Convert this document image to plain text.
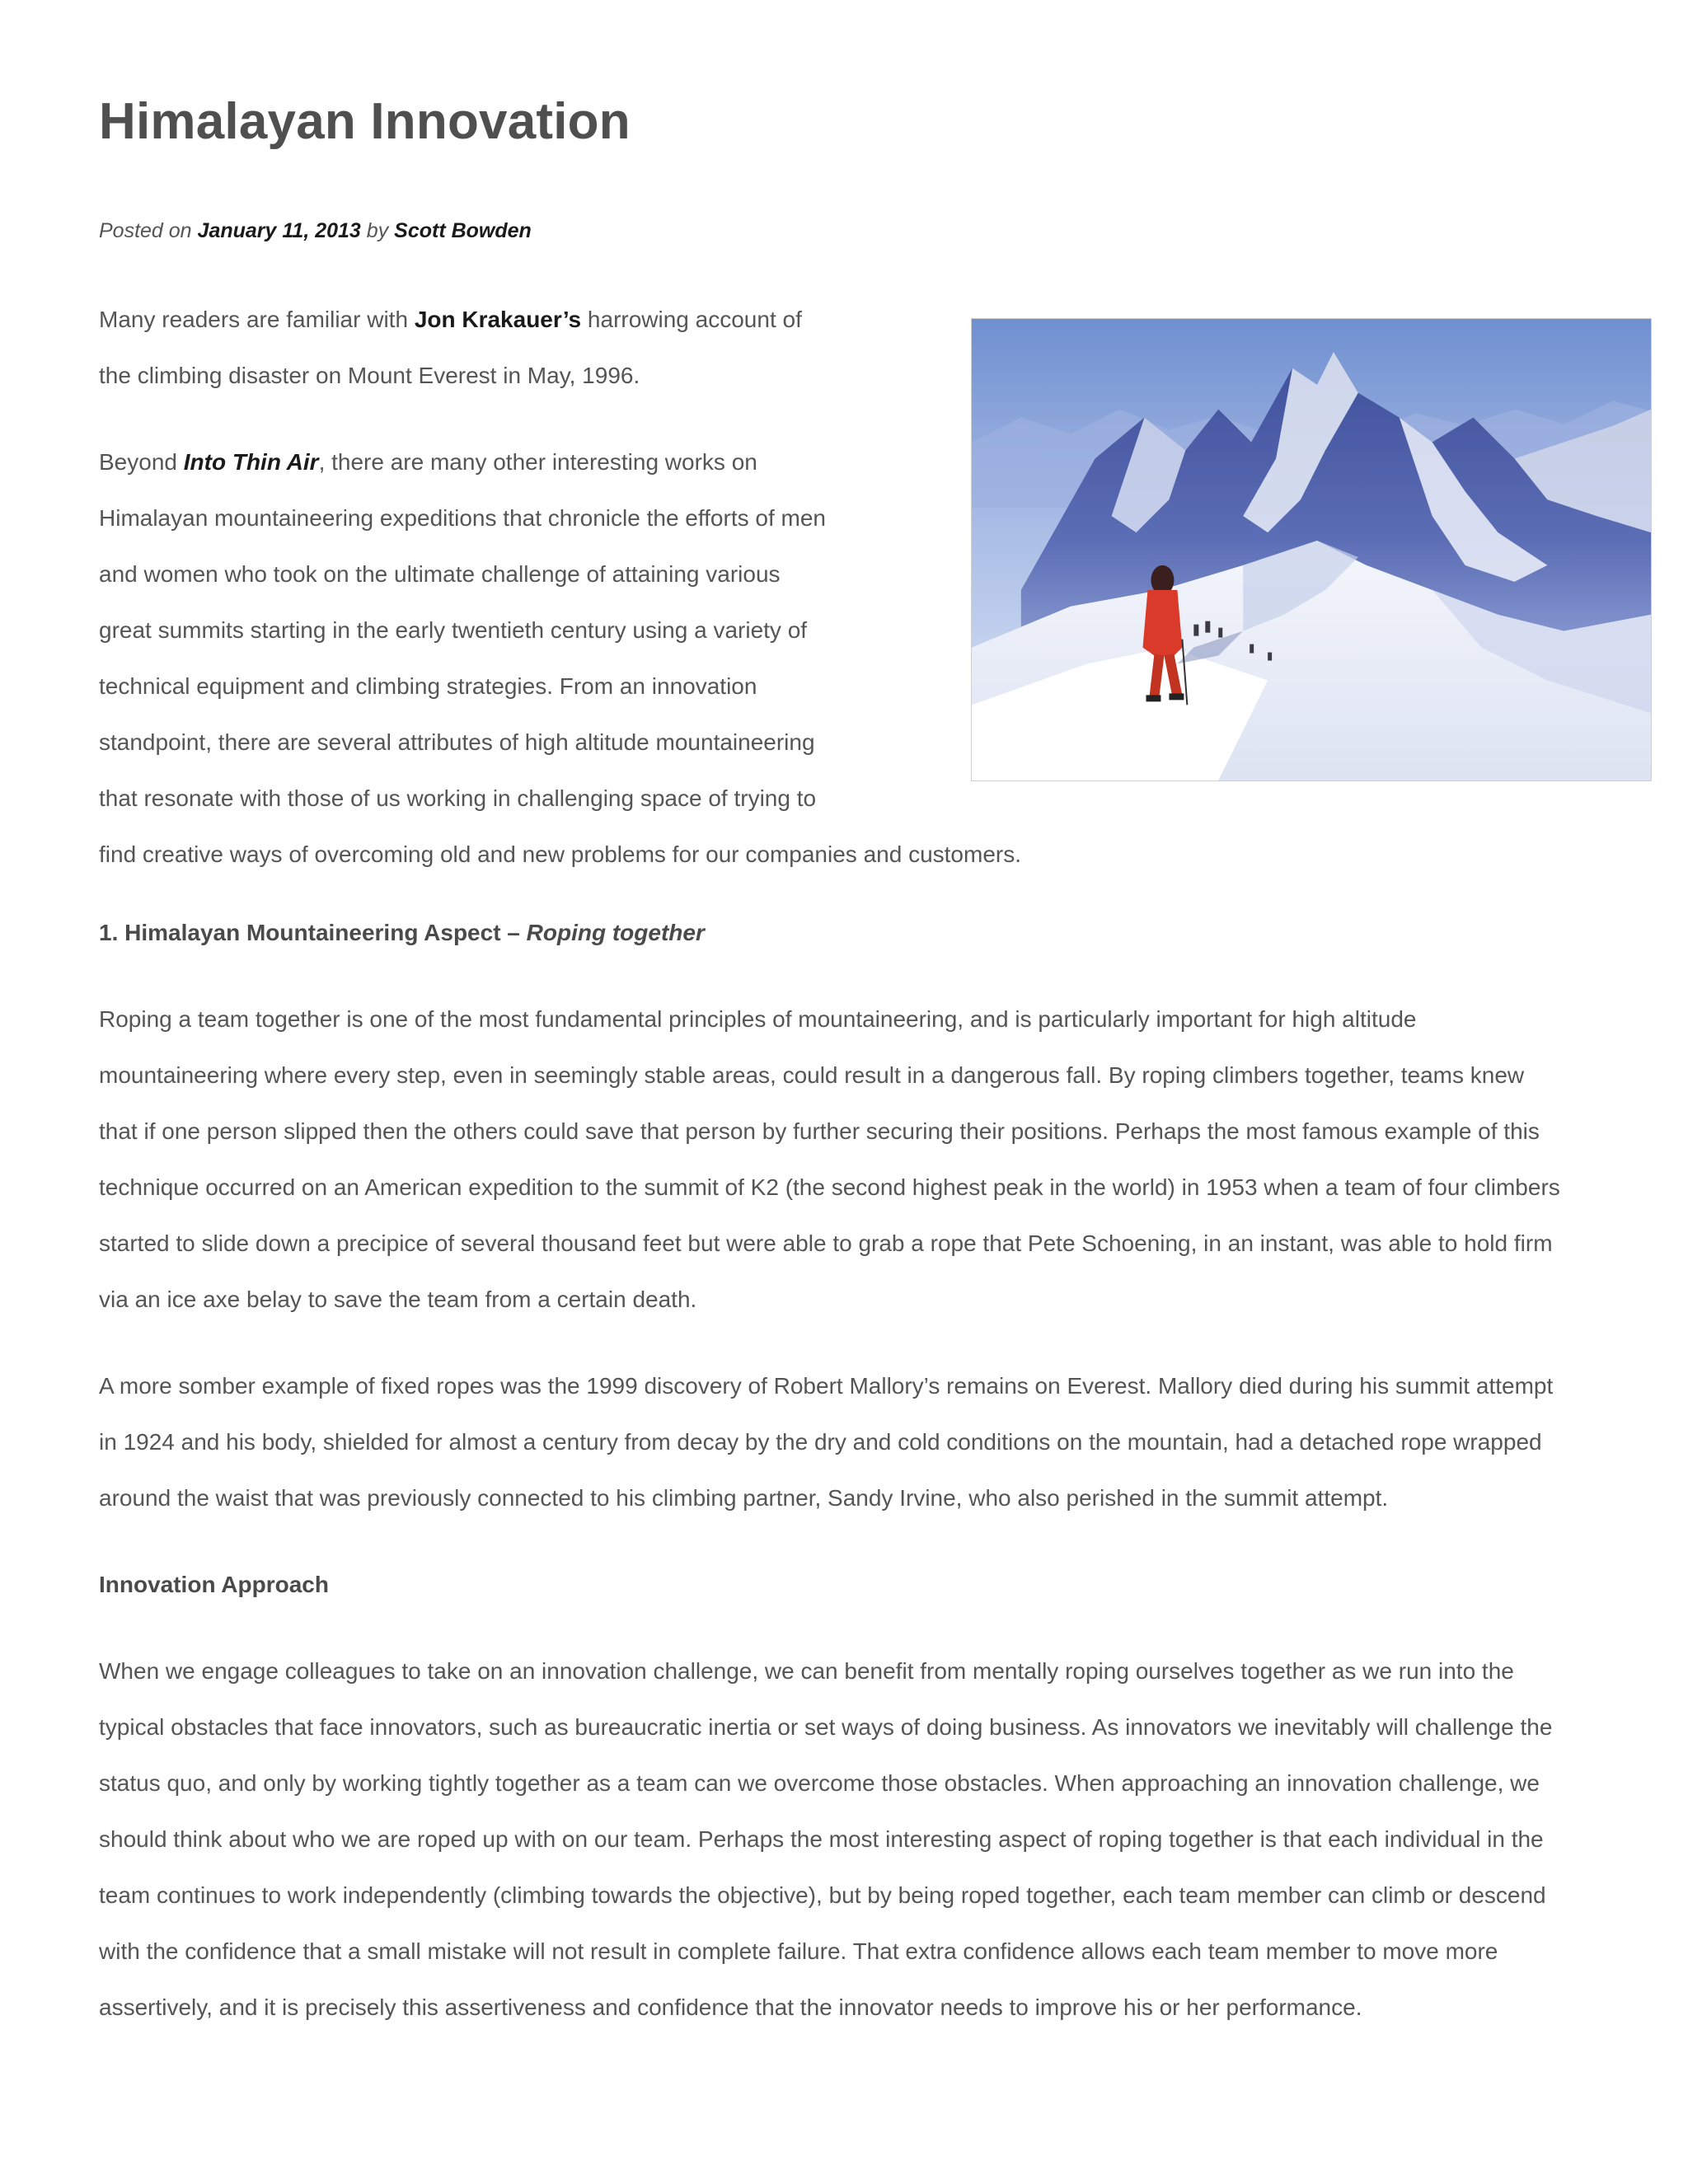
Himalayan Innovation
Posted on January 11, 2013 by Scott Bowden

Many readers are familiar with Jon Krakauer’s harrowing account of
the climbing disaster on Mount Everest in May, 1996.

Beyond Into Thin Air, there are many other interesting works on
Himalayan mountaineering expeditions that chronicle the efforts of men
and women who took on the ultimate challenge of attaining various
great summits starting in the early twentieth century using a variety of
technical equipment and climbing strategies. From an innovation
standpoint, there are several attributes of high altitude mountaineering
that resonate with those of us working in challenging space of trying to
find creative ways of overcoming old and new problems for our companies and customers.

1. Himalayan Mountaineering Aspect – Roping together

Roping a team together is one of the most fundamental principles of mountaineering, and is particularly important for high altitude
mountaineering where every step, even in seemingly stable areas, could result in a dangerous fall. By roping climbers together, teams knew
that if one person slipped then the others could save that person by further securing their positions. Perhaps the most famous example of this
technique occurred on an American expedition to the summit of K2 (the second highest peak in the world) in 1953 when a team of four climbers
started to slide down a precipice of several thousand feet but were able to grab a rope that Pete Schoening, in an instant, was able to hold firm
via an ice axe belay to save the team from a certain death.

A more somber example of fixed ropes was the 1999 discovery of Robert Mallory’s remains on Everest. Mallory died during his summit attempt
in 1924 and his body, shielded for almost a century from decay by the dry and cold conditions on the mountain, had a detached rope wrapped
around the waist that was previously connected to his climbing partner, Sandy Irvine, who also perished in the summit attempt.

Innovation Approach

When we engage colleagues to take on an innovation challenge, we can benefit from mentally roping ourselves together as we run into the
typical obstacles that face innovators, such as bureaucratic inertia or set ways of doing business. As innovators we inevitably will challenge the
status quo, and only by working tightly together as a team can we overcome those obstacles. When approaching an innovation challenge, we
should think about who we are roped up with on our team. Perhaps the most interesting aspect of roping together is that each individual in the
team continues to work independently (climbing towards the objective), but by being roped together, each team member can climb or descend
with the confidence that a small mistake will not result in complete failure. That extra confidence allows each team member to move more
assertively, and it is precisely this assertiveness and confidence that the innovator needs to improve his or her performance.
